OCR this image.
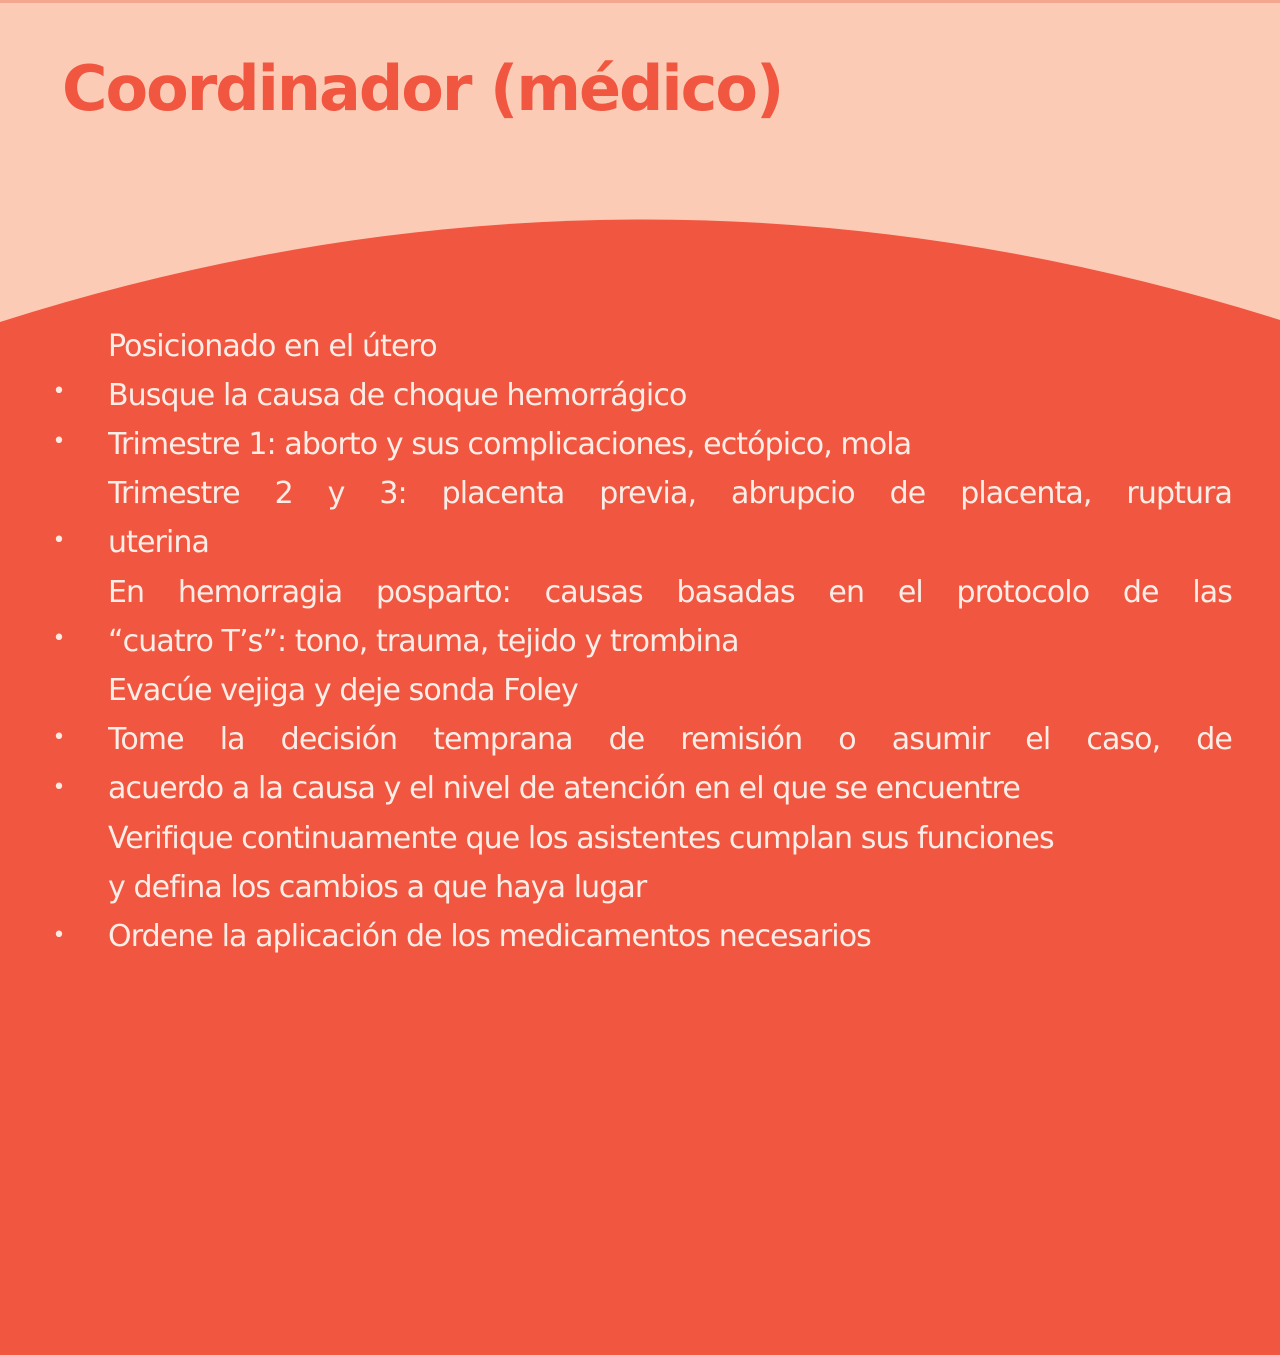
Coordinador (médico)
•
•
•
•
•
•
•
Posicionado en el útero
Busque la causa de choque hemorrágico
Trimestre 1: aborto y sus complicaciones, ectópico, mola
Trimestre 2 y 3: placenta previa, abrupcio de placenta, ruptura
uterina
En hemorragia posparto: causas basadas en el protocolo de las
“cuatro T’s”: tono, trauma, tejido y trombina
Evacúe vejiga y deje sonda Foley
Tome la decisión temprana de remisión o asumir el caso, de
acuerdo a la causa y el nivel de atención en el que se encuentre
Verifique continuamente que los asistentes cumplan sus funciones
y defina los cambios a que haya lugar
Ordene la aplicación de los medicamentos necesarios
